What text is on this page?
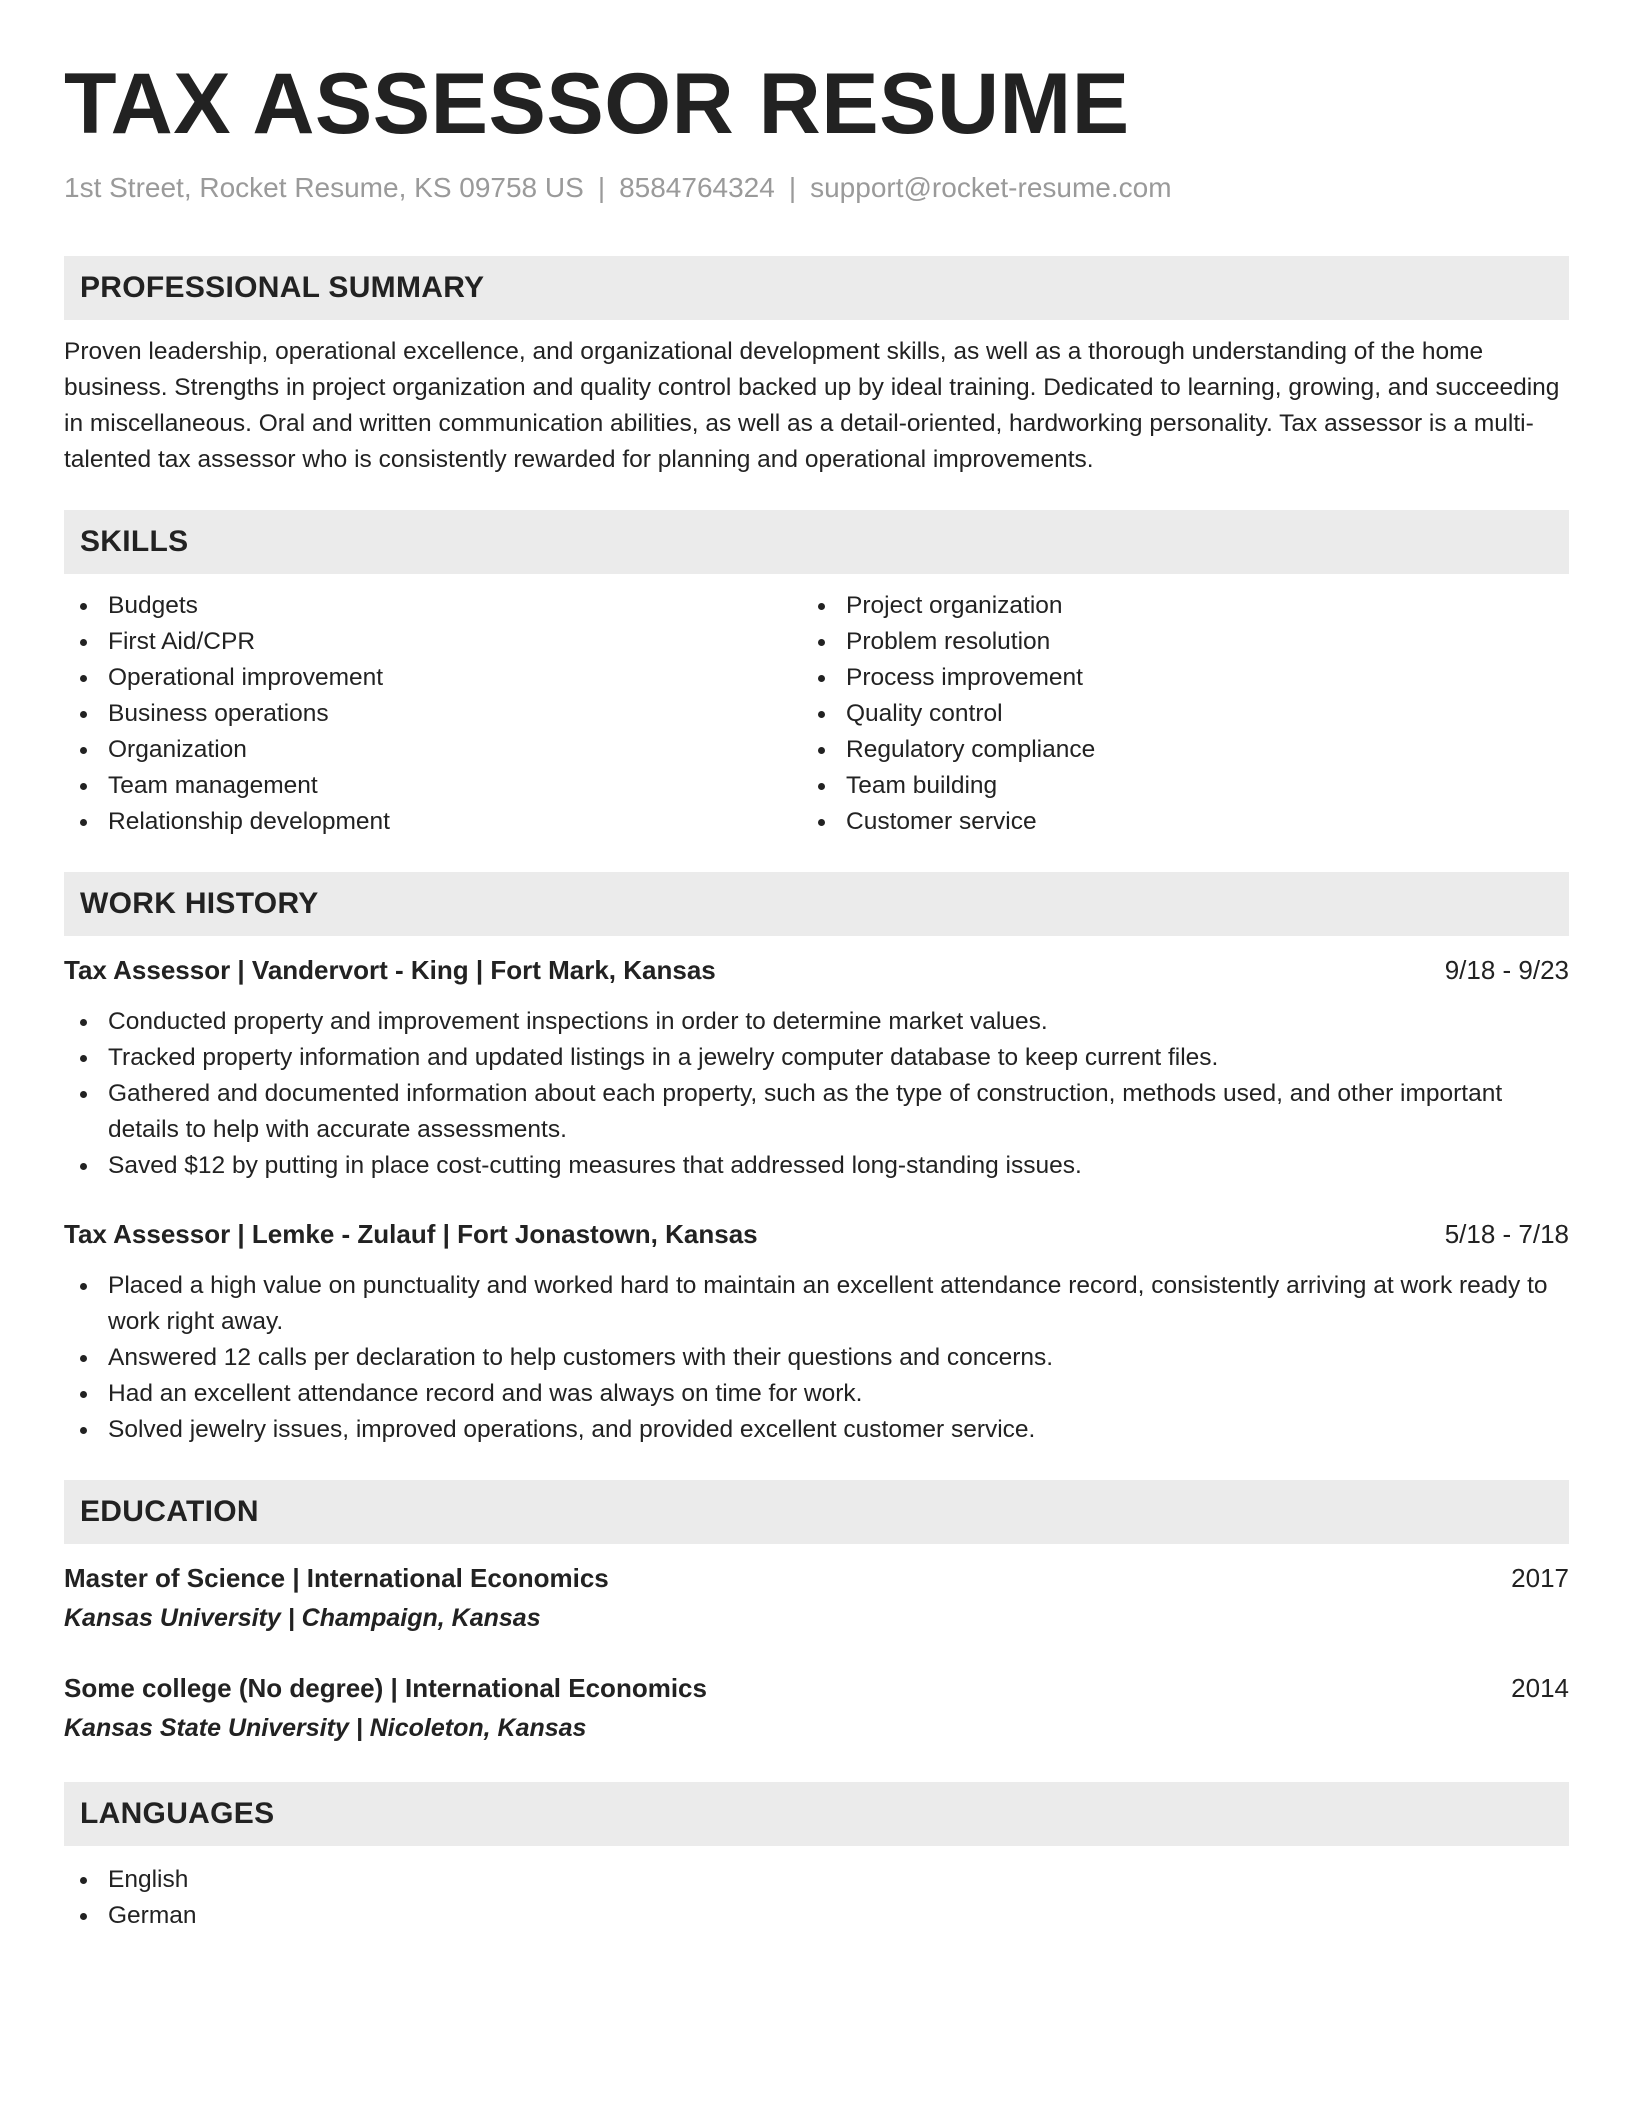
TAX ASSESSOR RESUME
1st Street, Rocket Resume, KS 09758 US | 8584764324 | support@rocket-resume.com
PROFESSIONAL SUMMARY
Proven leadership, operational excellence, and organizational development skills, as well as a thorough understanding of the home business. Strengths in project organization and quality control backed up by ideal training. Dedicated to learning, growing, and succeeding in miscellaneous. Oral and written communication abilities, as well as a detail-oriented, hardworking personality. Tax assessor is a multi-talented tax assessor who is consistently rewarded for planning and operational improvements.
SKILLS
Budgets
First Aid/CPR
Operational improvement
Business operations
Organization
Team management
Relationship development
Project organization
Problem resolution
Process improvement
Quality control
Regulatory compliance
Team building
Customer service
WORK HISTORY
Tax Assessor | Vandervort - King | Fort Mark, Kansas	9/18 - 9/23
Conducted property and improvement inspections in order to determine market values.
Tracked property information and updated listings in a jewelry computer database to keep current files.
Gathered and documented information about each property, such as the type of construction, methods used, and other important details to help with accurate assessments.
Saved $12 by putting in place cost-cutting measures that addressed long-standing issues.
Tax Assessor | Lemke - Zulauf | Fort Jonastown, Kansas	5/18 - 7/18
Placed a high value on punctuality and worked hard to maintain an excellent attendance record, consistently arriving at work ready to work right away.
Answered 12 calls per declaration to help customers with their questions and concerns.
Had an excellent attendance record and was always on time for work.
Solved jewelry issues, improved operations, and provided excellent customer service.
EDUCATION
Master of Science | International Economics	2017
Kansas University | Champaign, Kansas
Some college (No degree) | International Economics	2014
Kansas State University | Nicoleton, Kansas
LANGUAGES
English
German
